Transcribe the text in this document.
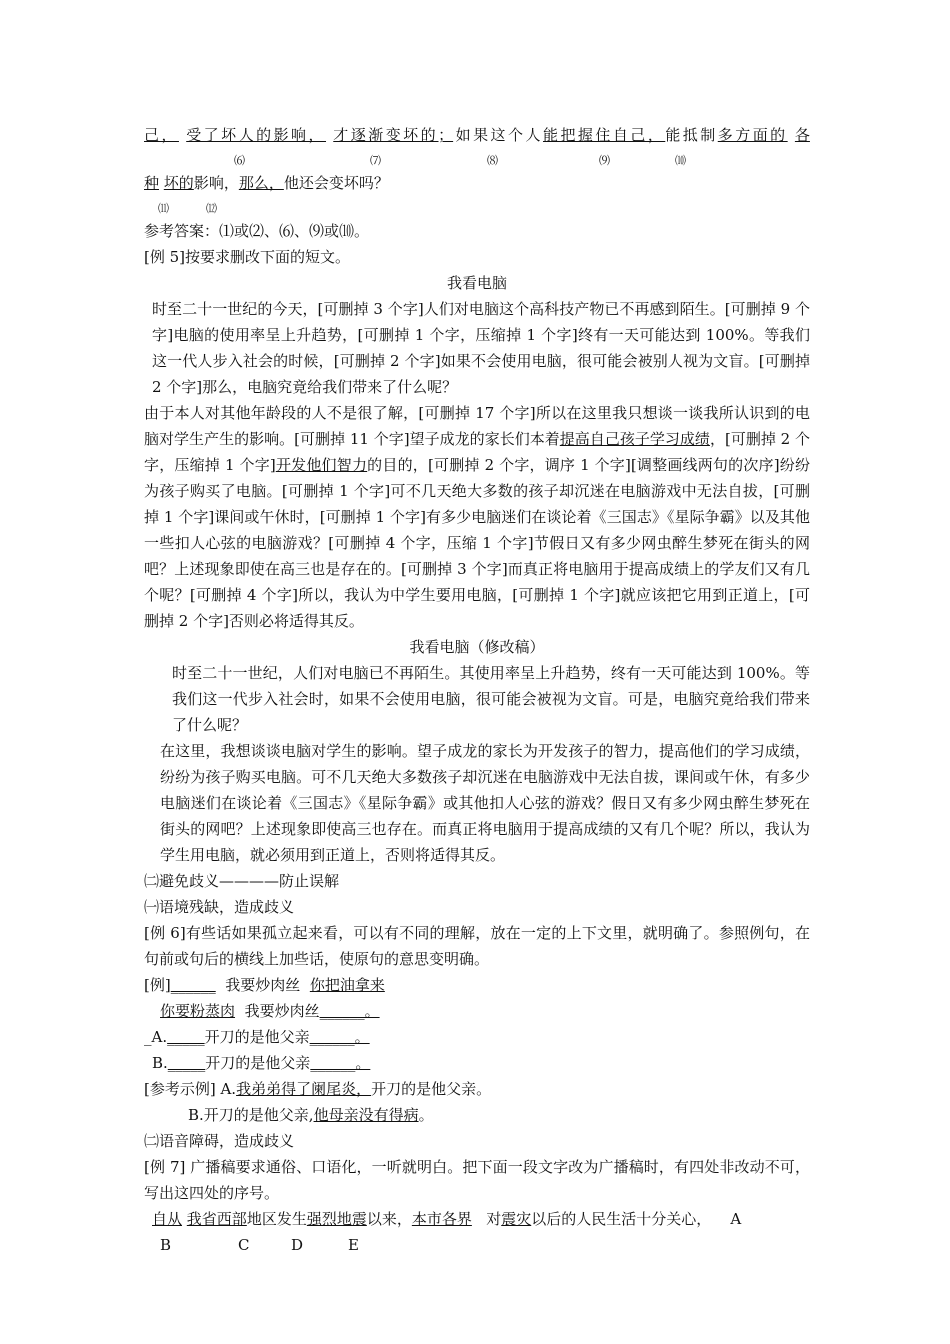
己， 受了坏人的影响， 才逐渐变坏的；如果这个人能把握住自己，能抵制多方面的 各
⑹	⑺	⑻	⑼	⑽
种 坏的影响，那么，他还会变坏吗？
⑾	⑿
参考答案：⑴或⑵、⑹、⑼或⑽。
[例 5]按要求删改下面的短文。
我看电脑
时至二十一世纪的今天，[可删掉 3 个字]人们对电脑这个高科技产物已不再感到陌生。[可删掉 9 个字]电脑的使用率呈上升趋势，[可删掉 1 个字，压缩掉 1 个字]终有一天可能达到 100%。等我们这一代人步入社会的时候，[可删掉 2 个字]如果不会使用电脑，很可能会被别人视为文盲。[可删掉 2 个字]那么，电脑究竟给我们带来了什么呢？
由于本人对其他年龄段的人不是很了解，[可删掉 17 个字]所以在这里我只想谈一谈我所认识到的电脑对学生产生的影响。[可删掉 11 个字]望子成龙的家长们本着提高自己孩子学习成绩，[可删掉 2 个字，压缩掉 1 个字]开发他们智力的目的，[可删掉 2 个字，调序 1 个字][调整画线两句的次序]纷纷为孩子购买了电脑。[可删掉 1 个字]可不几天绝大多数的孩子却沉迷在电脑游戏中无法自拔，[可删掉 1 个字]课间或午休时，[可删掉 1 个字]有多少电脑迷们在谈论着《三国志》《星际争霸》以及其他一些扣人心弦的电脑游戏？[可删掉 4 个字，压缩 1 个字]节假日又有多少网虫醉生梦死在街头的网吧？上述现象即使在高三也是存在的。[可删掉 3 个字]而真正将电脑用于提高成绩上的学友们又有几个呢？[可删掉 4 个字]所以，我认为中学生要用电脑，[可删掉 1 个字]就应该把它用到正道上，[可删掉 2 个字]否则必将适得其反。
我看电脑（修改稿）
时至二十一世纪，人们对电脑已不再陌生。其使用率呈上升趋势，终有一天可能达到 100%。等我们这一代步入社会时，如果不会使用电脑，很可能会被视为文盲。可是，电脑究竟给我们带来了什么呢？
在这里，我想谈谈电脑对学生的影响。望子成龙的家长为开发孩子的智力，提高他们的学习成绩，纷纷为孩子购买电脑。可不几天绝大多数孩子却沉迷在电脑游戏中无法自拔，课间或午休，有多少电脑迷们在谈论着《三国志》《星际争霸》或其他扣人心弦的游戏？假日又有多少网虫醉生梦死在街头的网吧？上述现象即使高三也存在。而真正将电脑用于提高成绩的又有几个呢？所以，我认为学生用电脑，就必须用到正道上，否则将适得其反。
㈡避免歧义————防止误解
㈠语境残缺，造成歧义
[例 6]有些话如果孤立起来看，可以有不同的理解，放在一定的上下文里，就明确了。参照例句，在句前或句后的横线上加些话，使原句的意思变明确。
[例]______ 我要炒肉丝 你把油拿来
你要粉蒸肉 我要炒肉丝______。
_A._____开刀的是他父亲______。
B._____开刀的是他父亲______。
[参考示例] A.我弟弟得了阑尾炎，开刀的是他父亲。
B.开刀的是他父亲,他母亲没有得病。
㈡语音障碍，造成歧义
[例 7] 广播稿要求通俗、口语化，一听就明白。把下面一段文字改为广播稿时，有四处非改动不可，写出这四处的序号。
自从 我省西部地区发生强烈地震以来，本市各界 对震灾以后的人民生活十分关心， A
B	C	D	E
